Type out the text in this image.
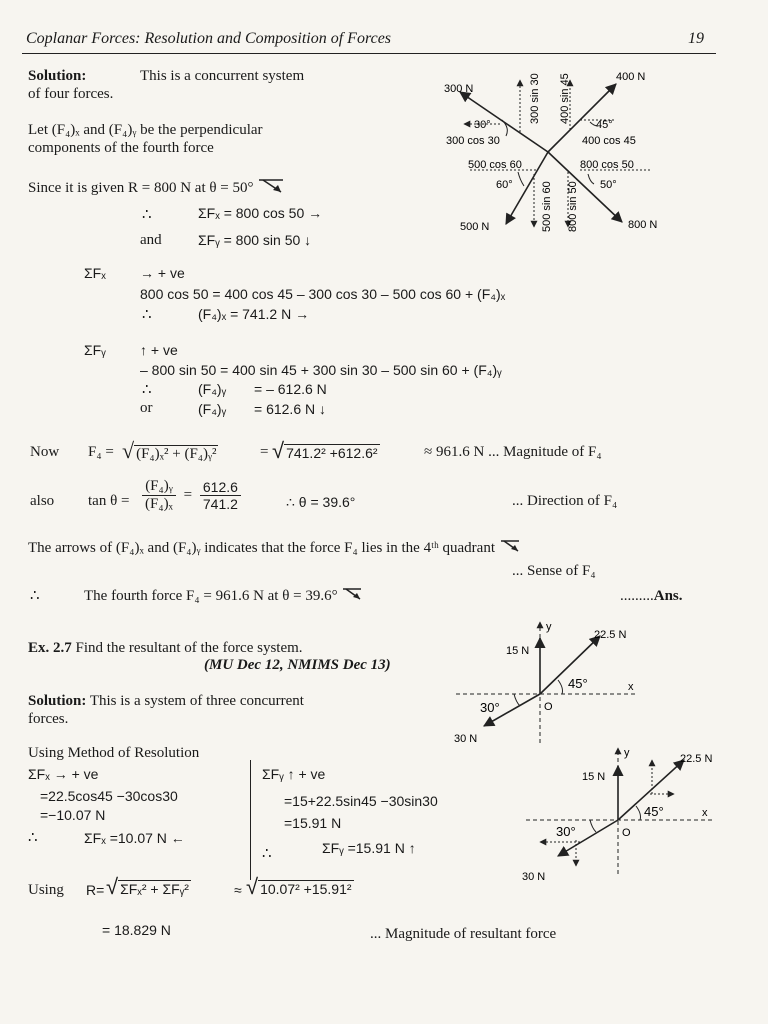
Coplanar Forces: Resolution and Composition of Forces	19
Solution:	This is a concurrent system
of four forces.
Let (F₄)ₓ and (F₄)ᵧ be the perpendicular
components of the fourth force
Since it is given R = 800 N at θ = 50°
∴	ΣFₓ = 800 cos 50 →
and	ΣFᵧ = 800 sin 50 ↓
300 N
400 N
500 N	800 N
300 cos 30	400 cos 45
500 cos 60	800 cos 50
30°	45°
60°	50°
300 sin 30 400 sin 45
500 sin 60 800 sin 50
ΣFₓ → + ve
800 cos 50 = 400 cos 45 – 300 cos 30 – 500 cos 60 + (F₄)ₓ
∴	(F₄)ₓ = 741.2 N →
ΣFᵧ ↑ + ve
– 800 sin 50 = 400 sin 45 + 300 sin 30 – 500 sin 60 + (F₄)ᵧ
∴	(F₄)ᵧ = – 612.6 N
or	(F₄)ᵧ = 612.6 N ↓
Now F₄ = √ (F₄)ₓ² + (F₄)ᵧ²	= √ 741.2² +612.6²	≈ 961.6 N ... Magnitude of F₄
also $\tan \theta = \frac{\text{(F₄)ᵧ}}{\text{(F₄)ₓ}} = \frac{612.6}{741.2}$	∴ θ = 39.6°	... Direction of F₄
The arrows of (F₄)ₓ and (F₄)ᵧ indicates that the force F₄ lies in the 4ᵗʰ quadrant
... Sense of F₄
∴	The fourth force F₄ = 961.6 N at θ = 39.6°	.........Ans.
Ex. 2.7 Find the resultant of the force system.
(MU Dec 12, NMIMS Dec 13)
Solution: This is a system of three concurrent
forces.
y
x
O
22.5 N
15 N
30 N
45°
30°
Using Method of Resolution
ΣFₓ → + ve
=22.5cos45 −30cos30
=−10.07 N
∴	ΣFₓ =10.07 N ←
ΣFᵧ ↑ + ve
=15+22.5sin45 −30sin30
=15.91 N
∴	ΣFᵧ =15.91 N ↑
y
x
O
22.5 N
15 N
30 N
45°
30°
Using R= √ ΣFₓ² + ΣFᵧ²	≈ √ 10.07² +15.91²
= 18.829 N	... Magnitude of resultant force
